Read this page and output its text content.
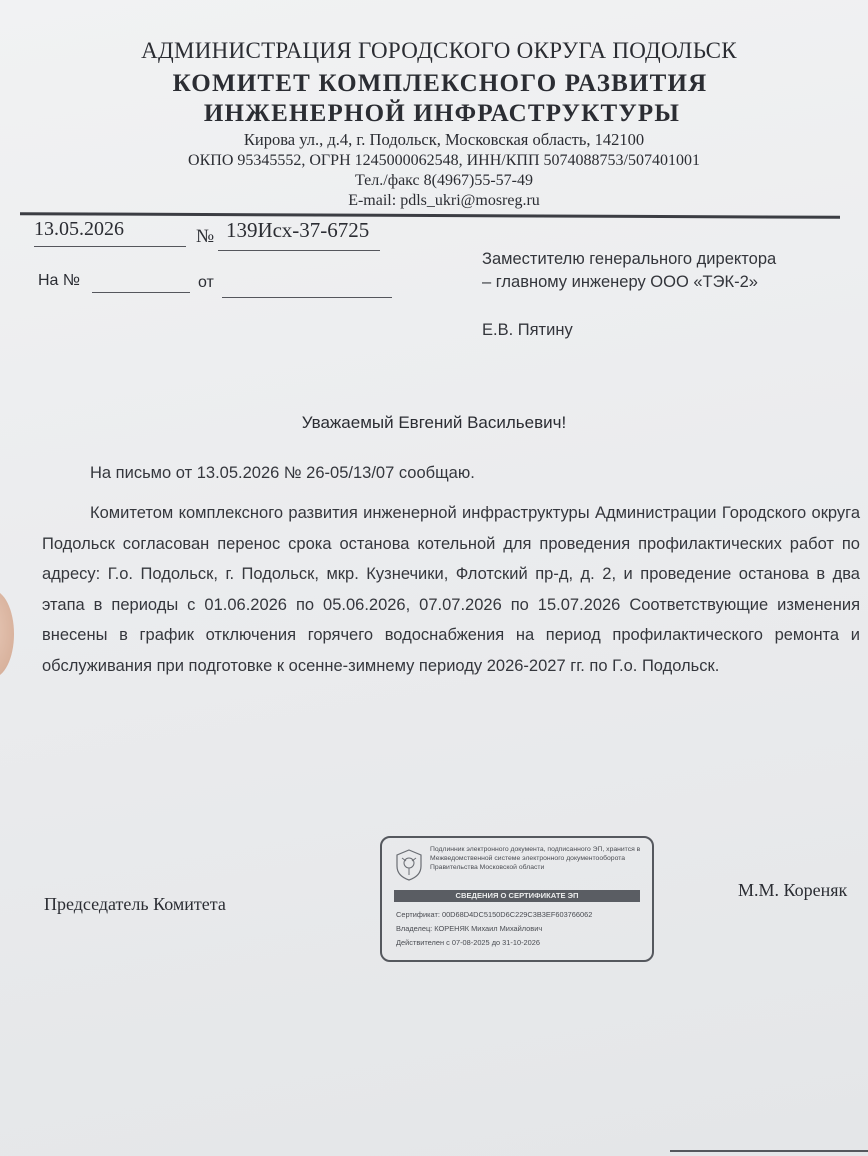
АДМИНИСТРАЦИЯ ГОРОДСКОГО ОКРУГА ПОДОЛЬСК
КОМИТЕТ КОМПЛЕКСНОГО РАЗВИТИЯ
ИНЖЕНЕРНОЙ ИНФРАСТРУКТУРЫ
Кирова ул., д.4, г. Подольск, Московская область, 142100
ОКПО 95345552, ОГРН 1245000062548, ИНН/КПП 5074088753/507401001
Тел./факс 8(4967)55-57-49
E-mail: pdls_ukri@mosreg.ru
13.05.2026	№ 139Исх-37-6725
На №	от
Заместителю генерального директора
– главному инженеру ООО «ТЭК-2»
Е.В. Пятину
Уважаемый Евгений Васильевич!

На письмо от 13.05.2026 № 26-05/13/07 сообщаю.

Комитетом комплексного развития инженерной инфраструктуры Администрации Городского округа Подольск согласован перенос срока останова котельной для проведения профилактических работ по адресу: Г.о. Подольск, г. Подольск, мкр. Кузнечики, Флотский пр-д, д. 2, и проведение останова в два этапа в периоды с 01.06.2026 по 05.06.2026, 07.07.2026 по 15.07.2026 Соответствующие изменения внесены в график отключения горячего водоснабжения на период профилактического ремонта и обслуживания при подготовке к осенне-зимнему периоду 2026-2027 гг. по Г.о. Подольск.

Председатель Комитета
М.М. Кореняк
Подлинник электронного документа, подписанного ЭП, хранится в Межведомственной системе электронного документооборота Правительства Московской области
СВЕДЕНИЯ О СЕРТИФИКАТЕ ЭП
Сертификат: 00D68D4DC5150D6C229C3B3EF603766062
Владелец: КОРЕНЯК Михаил Михайлович
Действителен с 07-08-2025 до 31-10-2026
